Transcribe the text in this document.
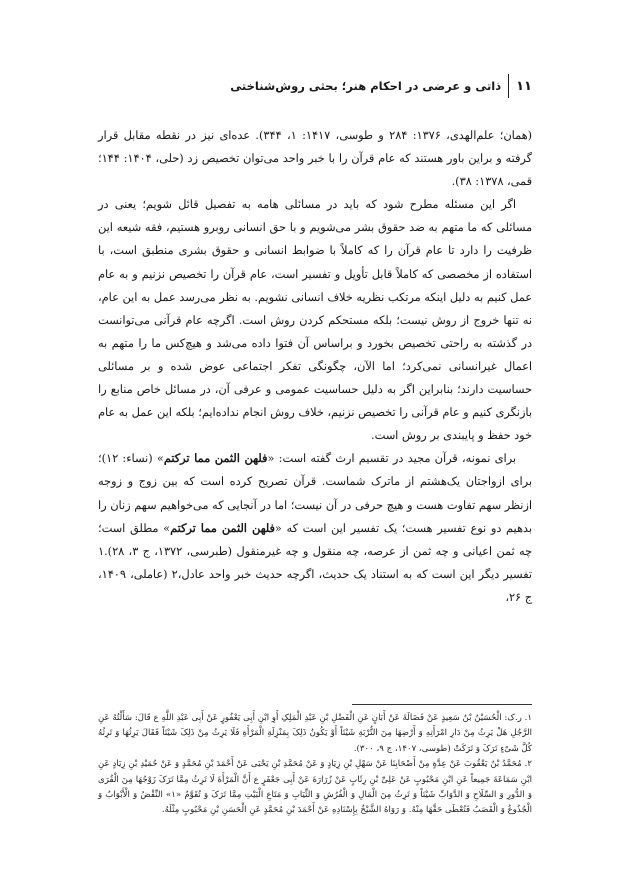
۱۱
ذاتی و عرضی در احکام هنر؛ بحثی روش‌شناختی

(همان؛ علم‌الهدی، ۱۳۷۶: ۲۸۴ و طوسی، ۱۴۱۷: ۱، ۳۴۴). عده‌ای نیز در نقطه مقابل قرار گرفته و براین باور هستند که عام قرآن را با خبر واحد می‌توان تخصیص زد (حلی، ۱۴۰۴: ۱۴۴؛ قمی، ۱۳۷۸: ۳۸).

اگر این مسئله مطرح شود که باید در مسائلی هامه به تفصیل قائل شویم؛ یعنی در مسائلی که ما متهم به ضد حقوق بشر می‌شویم و با حق انسانی روبرو هستیم، فقه شیعه این ظرفیت را دارد تا عام قرآن را که کاملاً با ضوابط انسانی و حقوق بشری منطبق است، با استفاده از مخصصی که کاملاً قابل تأویل و تفسیر است، عام قرآن را تخصیص نزنیم و به عام عمل کنیم به دلیل اینکه مرتکب نظریه خلاف انسانی نشویم. به نظر می‌رسد عمل به این عام، نه تنها خروج از روش نیست؛ بلکه مستحکم کردن روش است. اگرچه عام قرآنی می‌توانست در گذشته به راحتی تخصیص بخورد و براساس آن فتوا داده می‌شد و هیچ‌کس ما را متهم به اعمال غیرانسانی نمی‌کرد؛ اما الآن، چگونگی تفکر اجتماعی عوض شده و بر مسائلی حساسیت دارند؛ بنابراین اگر به دلیل حساسیت عمومی و عرفی آن، در مسائل خاص منابع را بازنگری کنیم و عام قرآنی را تخصیص نزنیم، خلاف روش انجام نداده‌ایم؛ بلکه این عمل به عام خود حفظ و پایبندی بر روش است.

برای نمونه، قرآن مجید در تقسیم ارث گفته است: «فلهن الثمن مما ترکتم» (نساء: ۱۲)؛ برای ازواجتان یک‌هشتم از ماترک شماست. قرآن تصریح کرده است که بین زوج و زوجه ازنظر سهم تفاوت هست و هیچ حرفی در آن نیست؛ اما در آنجایی که می‌خواهیم سهم زنان را بدهیم دو نوع تفسیر هست؛ یک تفسیر این است که «فلهن الثمن مما ترکتم» مطلق است؛ چه ثمن اعیانی و چه ثمن از عرصه، چه منقول و چه غیرمنقول (طبرسی، ۱۳۷۲، ج ۳، ۲۸).۱ تفسیر دیگر این است که به استناد یک حدیث، اگرچه حدیث خبر واحد عادل،۲ (عاملی، ۱۴۰۹، ج ۲۶،

۱. ر.ک: الْحُسَیْنُ بْنُ سَعِیدٍ عَنْ فَضَالَةَ عَنْ أَبَانٍ عَنِ الْفَضْلِ بْنِ عَبْدِ الْمَلِکِ أَوِ ابْنِ أَبِی یَعْفُورٍ عَنْ أَبِی عَبْدِ اللَّهِ ع قَالَ: سَأَلْتُهُ عَنِ الرَّجُلِ هَلْ یَرِثُ مِنْ دَارِ امْرَأَتِهِ وَ أَرْضِهَا مِنَ التُّرْبَةِ شَیْئاً أَوْ یَکُونُ ذَلِکَ بِمَنْزِلَةِ الْمَرْأَةِ فَلَا یَرِثُ مِنْ ذَلِکَ شَیْئاً فَقَالَ یَرِثُهَا وَ تَرِثُهُ کُلَّ شَیْءٍ تَرَکَ وَ تَرَکَتْ (طوسی، ۱۴۰۷، ج ۹، ۳۰۰).

۲. مُحَمَّدُ بْنُ یَعْقُوبَ عَنْ عِدَّةٍ مِنْ أَصْحَابِنَا عَنْ سَهْلِ بْنِ زِیَادٍ وَ عَنْ مُحَمَّدِ بْنِ یَحْیَى عَنْ أَحْمَدَ بْنِ مُحَمَّدٍ وَ عَنْ حُمَیْدِ بْنِ زِیَادٍ عَنِ ابْنِ سَمَاعَةَ جَمِیعاً عَنِ ابْنِ مَحْبُوبٍ عَنْ عَلِیِّ بْنِ رِئَابٍ عَنْ زُرَارَةَ عَنْ أَبِی جَعْفَرٍ ع أَنَّ الْمَرْأَةَ لَا تَرِثُ مِمَّا تَرَکَ زَوْجُهَا مِنَ الْقُرَى وَ الدُّورِ وَ السِّلَاحِ وَ الدَّوَابِّ شَیْئاً وَ تَرِثُ مِنَ الْمَالِ وَ الْفُرُشِ وَ الثِّیَابِ وَ مَتَاعِ الْبَیْتِ مِمَّا تَرَکَ وَ تُقَوَّمُ «۱» النِّقْضُ وَ الْأَبْوَابُ وَ الْجُذُوعُ وَ الْقَصَبُ فَتُعْطَى حَقَّهَا مِنْهُ. وَ رَوَاهُ الشَّیْخُ بِإِسْنَادِهِ عَنْ أَحْمَدَ بْنِ مُحَمَّدٍ عَنِ الْحَسَنِ بْنِ مَحْبُوبٍ مِثْلَهُ.
